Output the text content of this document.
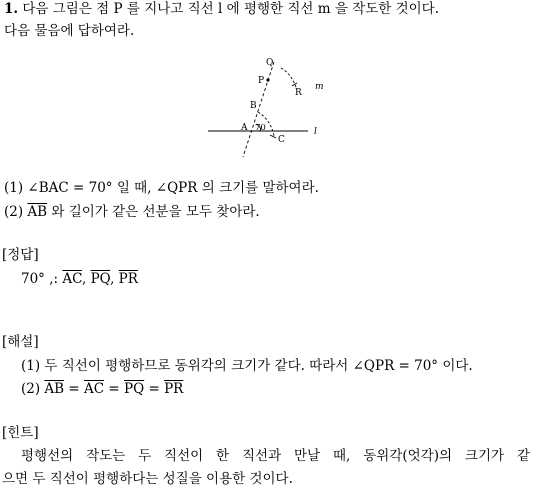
1. 다음 그림은 점 P 를 지나고 직선 l 에 평행한 직선 m 을 작도한 것이다.
다음 물음에 답하여라.
Q
P
R
m
B
A 70
C
l
(1) ∠BAC = 70° 일 때, ∠QPR 의 크기를 말하여라.
(2) $\overline{AB}$ 와 길이가 같은 선분을 모두 찾아라.
[정답]
70° ,: $\overline{AC}$, $\overline{PQ}$, $\overline{PR}$
[해설]
(1) 두 직선이 평행하므로 동위각의 크기가 같다. 따라서 ∠QPR = 70° 이다.
(2) $\overline{AB} = \overline{AC} = \overline{PQ} = \overline{PR}$
[힌트]
평행선의 작도는 두 직선이 한 직선과 만날 때, 동위각(엇각)의 크기가 같
으면 두 직선이 평행하다는 성질을 이용한 것이다.
